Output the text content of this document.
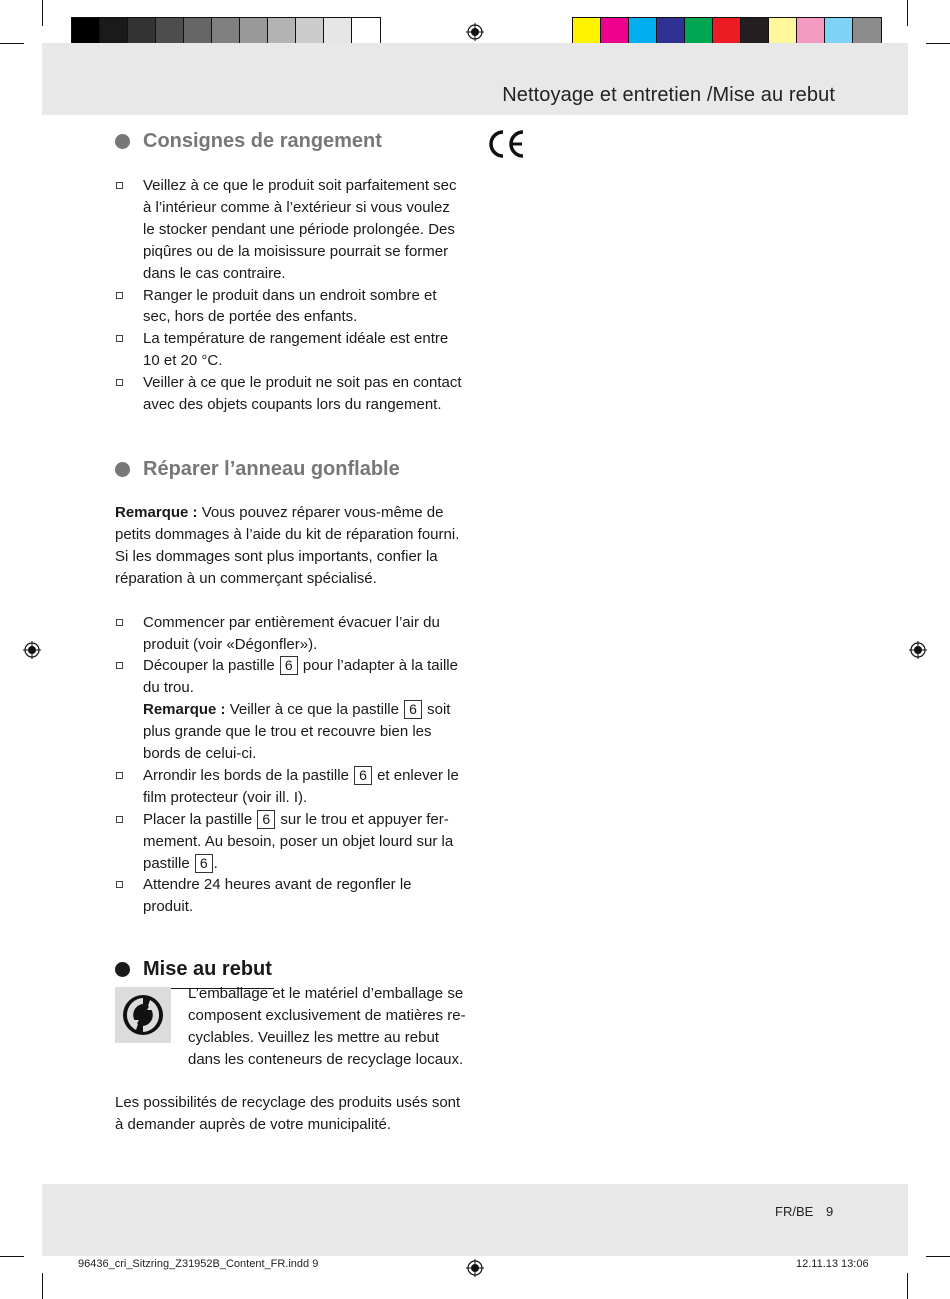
Nettoyage et entretien /Mise au rebut
Consignes de rangement
Veillez à ce que le produit soit parfaitement sec à l’intérieur comme à l’extérieur si vous voulez le stocker pendant une période prolongée. Des piqûres ou de la moisissure pourrait se former dans le cas contraire.
Ranger le produit dans un endroit sombre et sec, hors de portée des enfants.
La température de rangement idéale est entre 10 et 20 °C.
Veiller à ce que le produit ne soit pas en contact avec des objets coupants lors du rangement.
Réparer l’anneau gonflable

Remarque : Vous pouvez réparer vous-même de petits dommages à l’aide du kit de réparation fourni. Si les dommages sont plus importants, confier la réparation à un commerçant spécialisé.

Commencer par entièrement évacuer l’air du produit (voir «Dégonfler»).
Découper la pastille 6 pour l’adapter à la taille du trou.
Remarque : Veiller à ce que la pastille 6 soit plus grande que le trou et recouvre bien les bords de celui-ci.
Arrondir les bords de la pastille 6 et enlever le film protecteur (voir ill. I).
Placer la pastille 6 sur le trou et appuyer fer-mement. Au besoin, poser un objet lourd sur la pastille 6 .
Attendre 24 heures avant de regonfler le produit.
Mise au rebut

L’emballage et le matériel d’emballage se composent exclusivement de matières re-cyclables. Veuillez les mettre au rebut dans les conteneurs de recyclage locaux.

Les possibilités de recyclage des produits usés sont à demander auprès de votre municipalité.

FR/BE 9
96436_cri_Sitzring_Z31952B_Content_FR.indd 9	12.11.13 13:06
